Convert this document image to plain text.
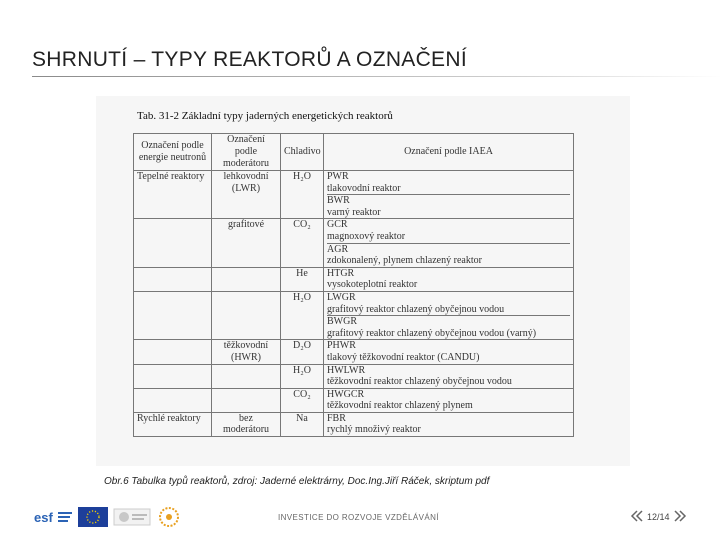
SHRNUTÍ – TYPY REAKTORŮ A OZNAČENÍ
Tab. 31-2 Základní typy jaderných energetických reaktorů
Označení podle energie neutronů	Označení podle moderátoru	Chladivo	Označení podle IAEA
Tepelné reaktory	lehkovodní (LWR)	H₂O	PWR
tlakovodní reaktor
BWR
varný reaktor

	grafitové	CO₂	GCR
magnoxový reaktor
AGR
zdokonalený, plynem chlazený reaktor

		He	HTGR
vysokoteplotní reaktor

		H₂O	LWGR
grafitový reaktor chlazený obyčejnou vodou
BWGR
grafitový reaktor chlazený obyčejnou vodou (varný)

	těžkovodní (HWR)	D₂O	PHWR
tlakový těžkovodní reaktor (CANDU)

		H₂O	HWLWR
těžkovodní reaktor chlazený obyčejnou vodou

		CO₂	HWGCR
těžkovodní reaktor chlazený plynem

Rychlé reaktory	bez moderátoru	Na	FBR
rychlý množivý reaktor
Obr.6 Tabulka typů reaktorů, zdroj: Jaderné elektrárny, Doc.Ing.Jiří Ráček, skriptum pdf
esf	INVESTICE DO ROZVOJE VZDĚLÁVÁNÍ	12/14
